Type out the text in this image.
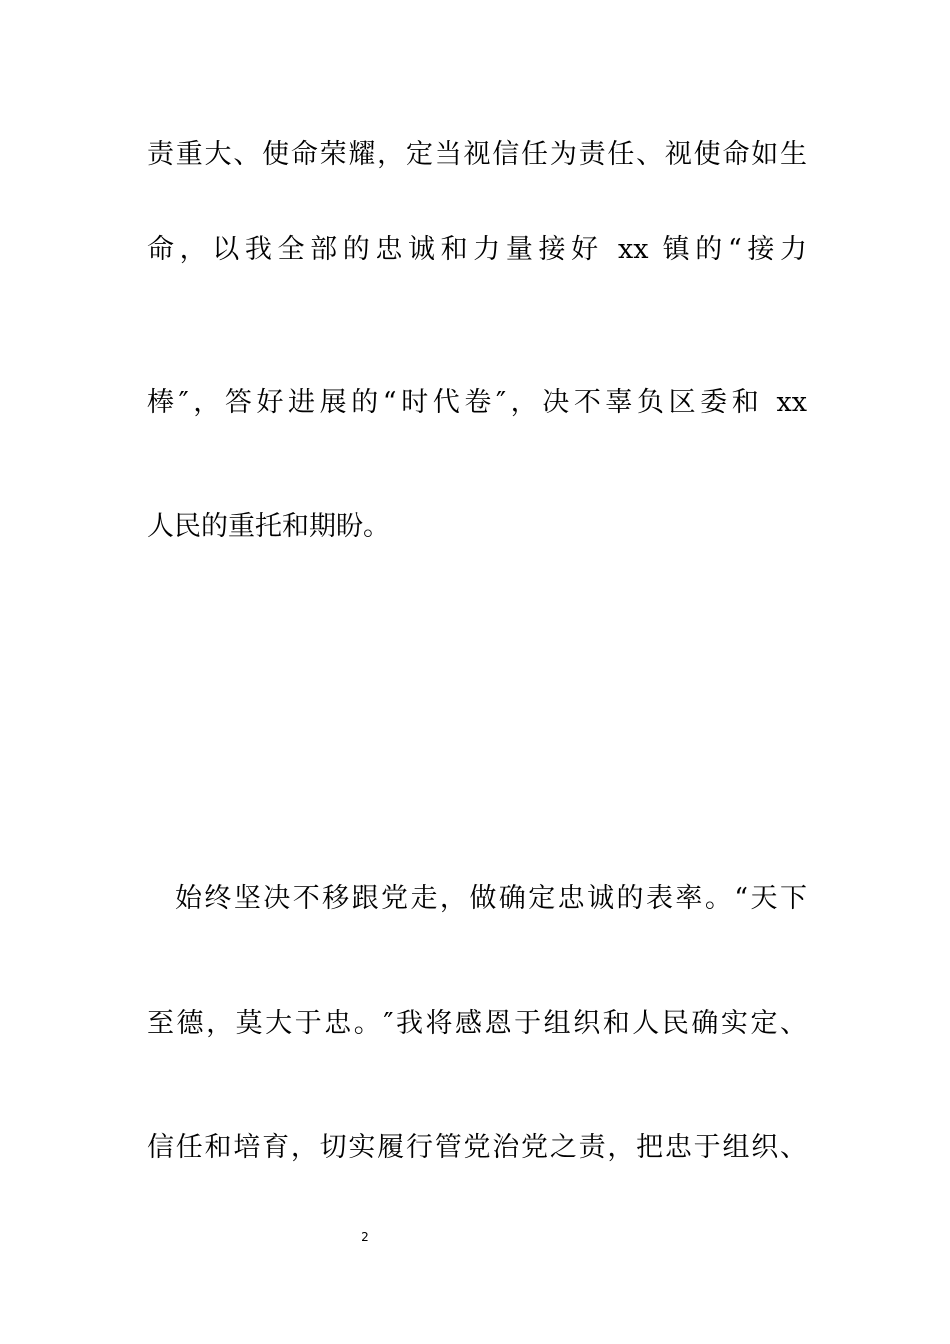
责重大、使命荣耀，定当视信任为责任、视使命如生
命，以我全部的忠诚和力量接好 xx 镇的“接力
棒″，答好进展的“时代卷″，决不辜负区委和 xx
人民的重托和期盼。
始终坚决不移跟党走，做确定忠诚的表率。“天下
至德，莫大于忠。″我将感恩于组织和人民确实定、
信任和培育，切实履行管党治党之责，把忠于组织、
2
